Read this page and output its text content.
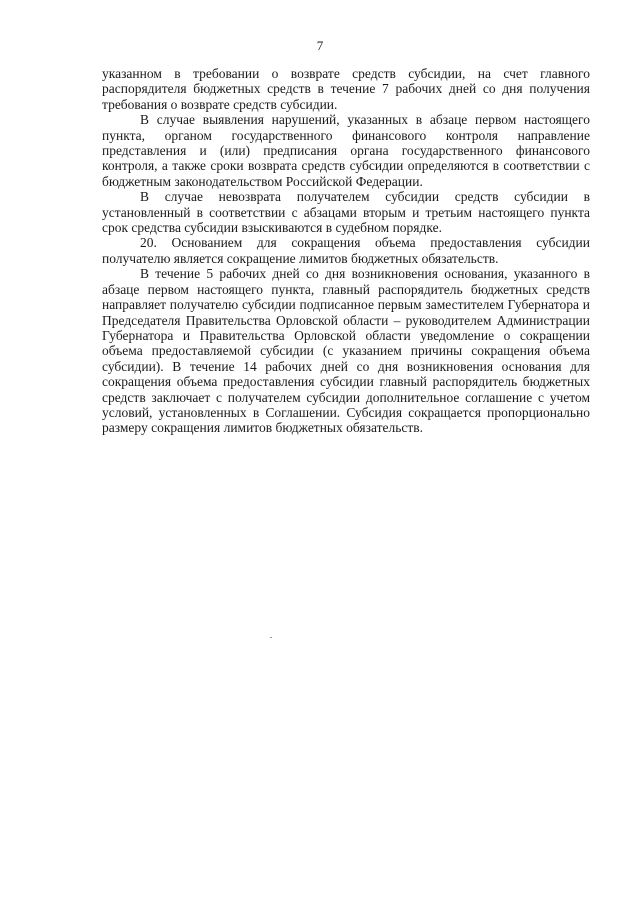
7

указанном в требовании о возврате средств субсидии, на счет главного распорядителя бюджетных средств в течение 7 рабочих дней со дня получения требования о возврате средств субсидии.

В случае выявления нарушений, указанных в абзаце первом настоящего пункта, органом государственного финансового контроля направление представления и (или) предписания органа государственного финансового контроля, а также сроки возврата средств субсидии определяются в соответствии с бюджетным законодательством Российской Федерации.

В случае невозврата получателем субсидии средств субсидии в установленный в соответствии с абзацами вторым и третьим настоящего пункта срок средства субсидии взыскиваются в судебном порядке.

20. Основанием для сокращения объема предоставления субсидии получателю является сокращение лимитов бюджетных обязательств.

В течение 5 рабочих дней со дня возникновения основания, указанного в абзаце первом настоящего пункта, главный распорядитель бюджетных средств направляет получателю субсидии подписанное первым заместителем Губернатора и Председателя Правительства Орловской области – руководителем Администрации Губернатора и Правительства Орловской области уведомление о сокращении объема предоставляемой субсидии (с указанием причины сокращения объема субсидии). В течение 14 рабочих дней со дня возникновения основания для сокращения объема предоставления субсидии главный распорядитель бюджетных средств заключает с получателем субсидии дополнительное соглашение с учетом условий, установленных в Соглашении. Субсидия сокращается пропорционально размеру сокращения лимитов бюджетных обязательств.
